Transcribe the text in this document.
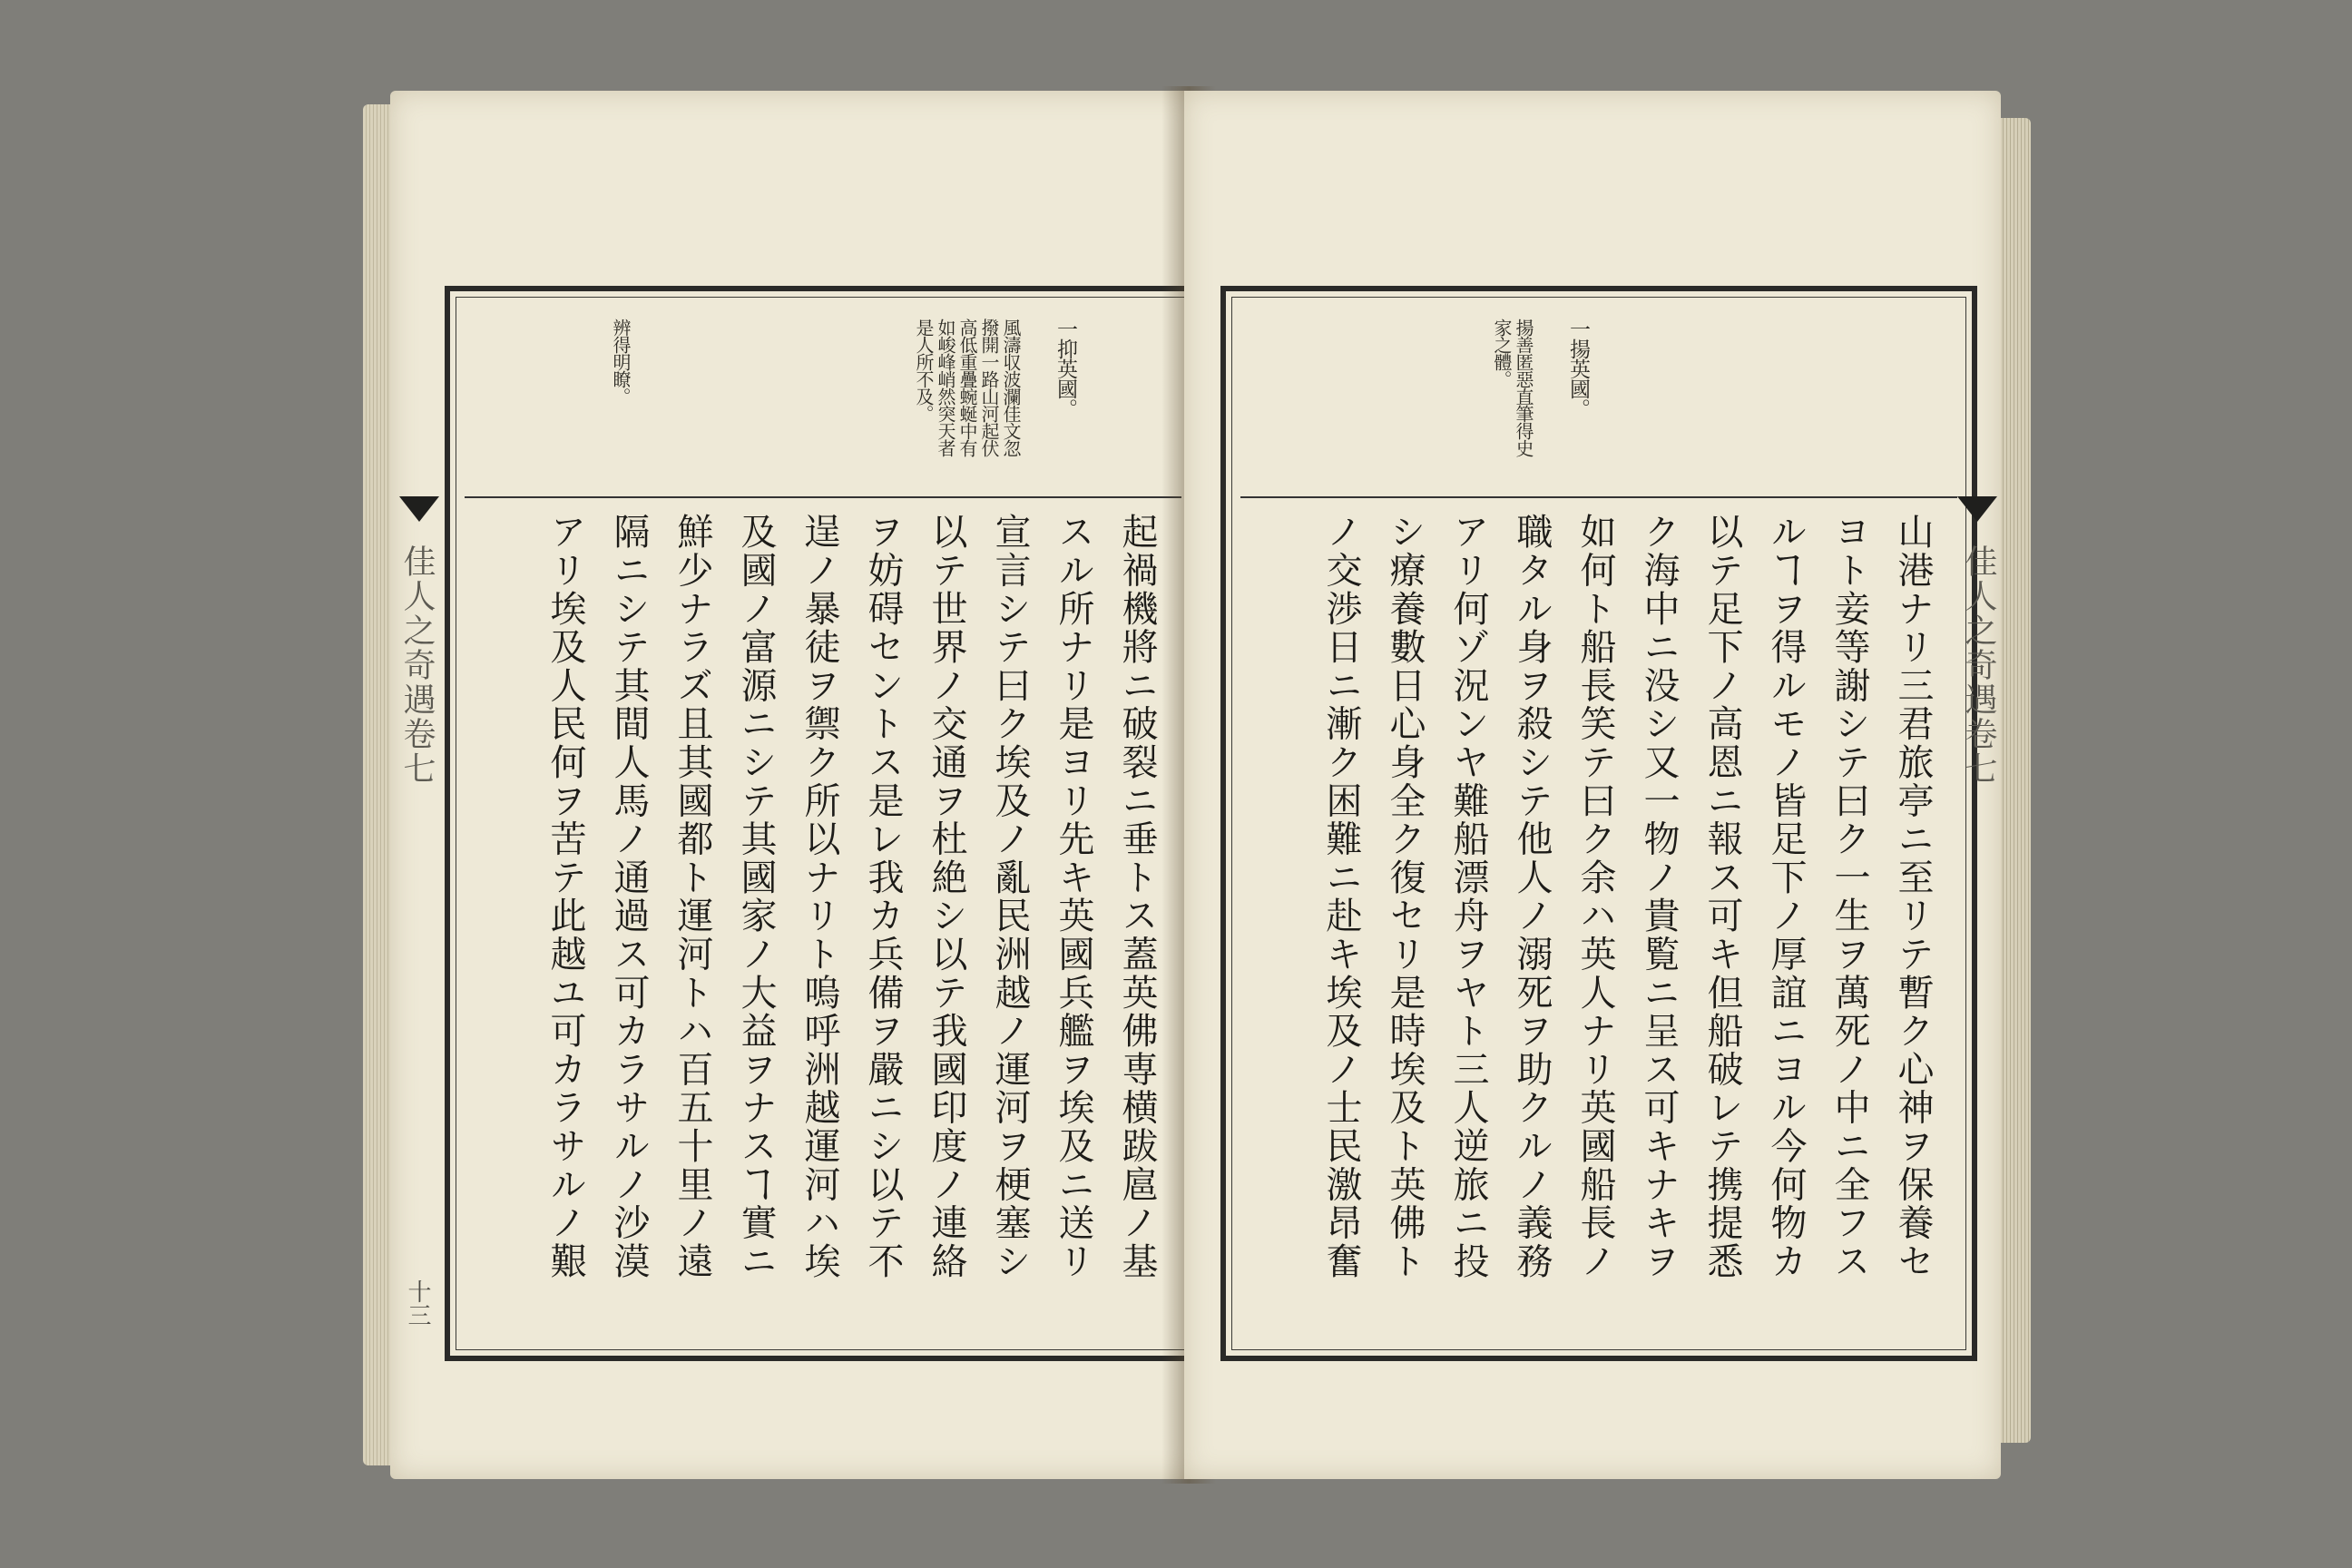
一抑英國。
風濤収波瀾佳文忽
撥開一路山河起伏
高低重疊蜿蜒中有
如峻峰峭然突天者
是人所不及。
辨得明瞭。
起禍機將ニ破裂ニ垂トス蓋英佛専横跋扈ノ基
スル所ナリ是ヨリ先キ英國兵艦ヲ埃及ニ送リ
宣言シテ曰ク埃及ノ亂民洲越ノ運河ヲ梗塞シ
以テ世界ノ交通ヲ杜絶シ以テ我國印度ノ連絡
ヲ妨碍セントス是レ我カ兵備ヲ嚴ニシ以テ不
逞ノ暴徒ヲ禦ク所以ナリト嗚呼洲越運河ハ埃
及國ノ富源ニシテ其國家ノ大益ヲナスヿ實ニ
鮮少ナラズ且其國都ト運河トハ百五十里ノ遠
隔ニシテ其間人馬ノ通過ス可カラサルノ沙漠
アリ埃及人民何ヲ苦テ此越ユ可カラサルノ艱
佳人之奇遇卷七
十三
一揚英國。
揚善匿惡直筆得史
家之體。
山港ナリ三君旅亭ニ至リテ暫ク心神ヲ保養セ
ヨト妾等謝シテ曰ク一生ヲ萬死ノ中ニ全フス
ルヿヲ得ルモノ皆足下ノ厚誼ニヨル今何物カ
以テ足下ノ高恩ニ報ス可キ但船破レテ携提悉
ク海中ニ没シ又一物ノ貴覧ニ呈ス可キナキヲ
如何ト船長笑テ曰ク余ハ英人ナリ英國船長ノ
職タル身ヲ殺シテ他人ノ溺死ヲ助クルノ義務
アリ何ゾ況ンヤ難船漂舟ヲヤト三人逆旅ニ投
シ療養數日心身全ク復セリ是時埃及ト英佛ト
ノ交渉日ニ漸ク困難ニ赴キ埃及ノ士民激昂奮	佳人之奇遇卷七
